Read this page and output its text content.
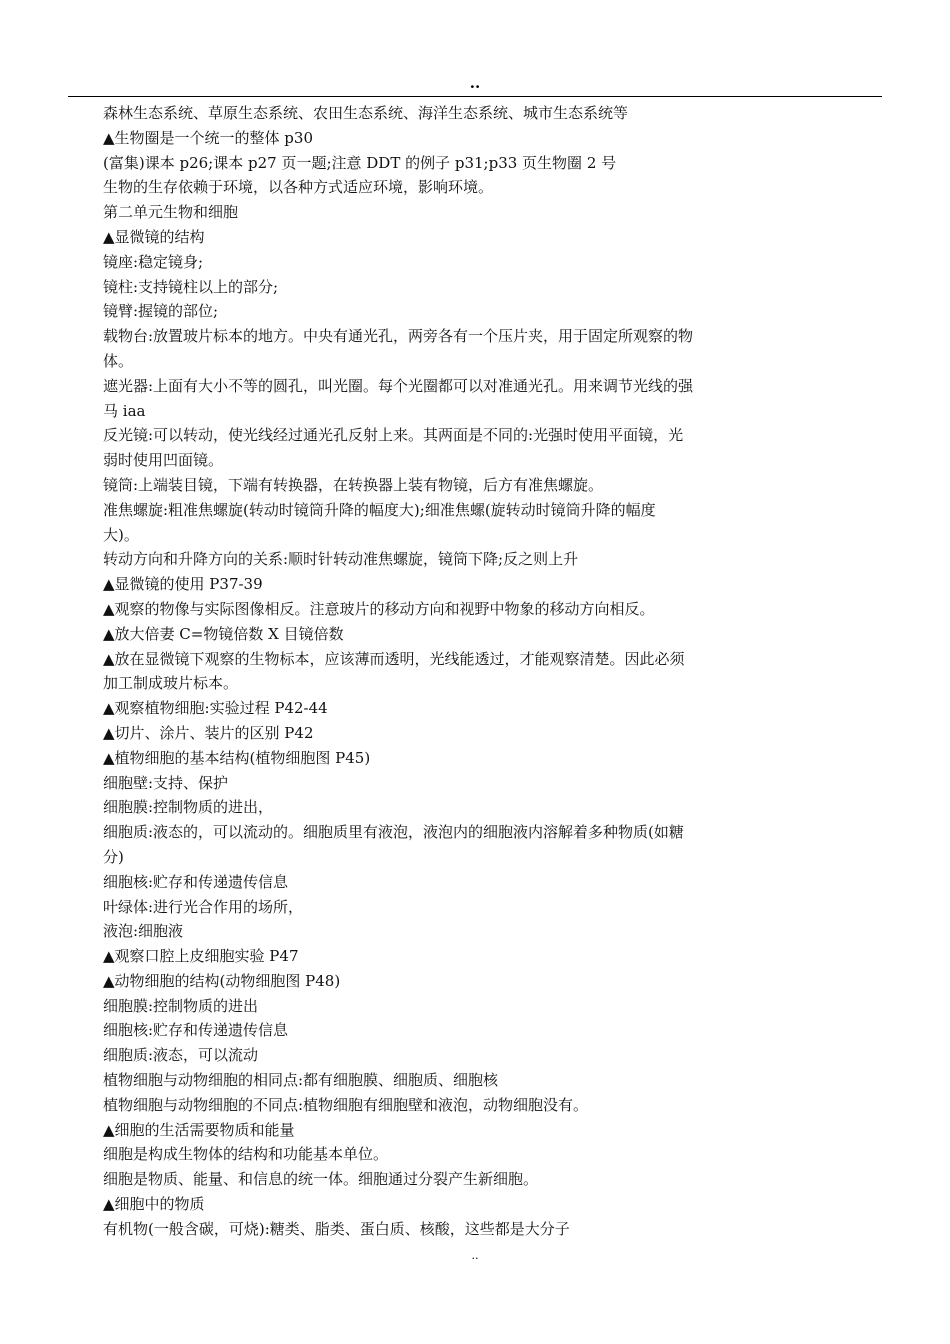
..
森林生态系统、草原生态系统、农田生态系统、海洋生态系统、城市生态系统等
▲生物圈是一个统一的整体 p30
(富集)课本 p26;课本 p27 页一题;注意 DDT 的例子 p31;p33 页生物圈 2 号
生物的生存依赖于环境，以各种方式适应环境，影响环境。
第二单元生物和细胞
▲显微镜的结构
镜座:稳定镜身;
镜柱:支持镜柱以上的部分;
镜臂:握镜的部位;
载物台:放置玻片标本的地方。中央有通光孔，两旁各有一个压片夹，用于固定所观察的物
体。
遮光器:上面有大小不等的圆孔，叫光圈。每个光圈都可以对准通光孔。用来调节光线的强
马 iaa
反光镜:可以转动，使光线经过通光孔反射上来。其两面是不同的:光强时使用平面镜，光
弱时使用凹面镜。
镜筒:上端装目镜，下端有转换器，在转换器上装有物镜，后方有准焦螺旋。
准焦螺旋:粗准焦螺旋(转动时镜筒升降的幅度大);细准焦螺(旋转动时镜筒升降的幅度
大)。
转动方向和升降方向的关系:顺时针转动准焦螺旋，镜筒下降;反之则上升
▲显微镜的使用 P37-39
▲观察的物像与实际图像相反。注意玻片的移动方向和视野中物象的移动方向相反。
▲放大倍妻 C=物镜倍数 X 目镜倍数
▲放在显微镜下观察的生物标本，应该薄而透明，光线能透过，才能观察清楚。因此必须
加工制成玻片标本。
▲观察植物细胞:实验过程 P42-44
▲切片、涂片、装片的区别 P42
▲植物细胞的基本结构(植物细胞图 P45)
细胞壁:支持、保护
细胞膜:控制物质的进出，
细胞质:液态的，可以流动的。细胞质里有液泡，液泡内的细胞液内溶解着多种物质(如糖
分)
细胞核:贮存和传递遗传信息
叶绿体:进行光合作用的场所，
液泡:细胞液
▲观察口腔上皮细胞实验 P47
▲动物细胞的结构(动物细胞图 P48)
细胞膜:控制物质的进出
细胞核:贮存和传递遗传信息
细胞质:液态，可以流动
植物细胞与动物细胞的相同点:都有细胞膜、细胞质、细胞核
植物细胞与动物细胞的不同点:植物细胞有细胞壁和液泡，动物细胞没有。
▲细胞的生活需要物质和能量
细胞是构成生物体的结构和功能基本单位。
细胞是物质、能量、和信息的统一体。细胞通过分裂产生新细胞。
▲细胞中的物质
有机物(一般含碳，可烧):糖类、脂类、蛋白质、核酸，这些都是大分子
..
